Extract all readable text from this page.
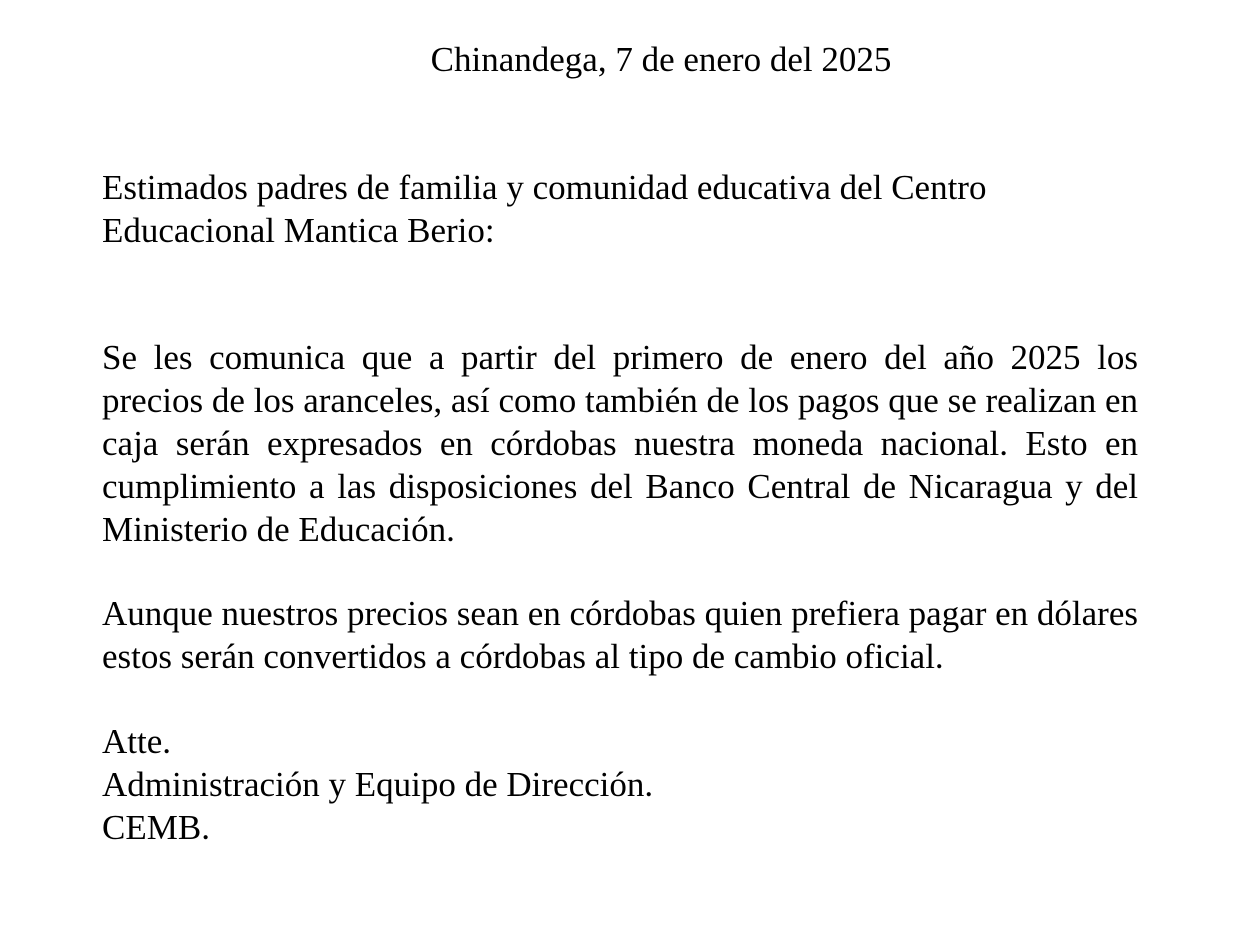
Chinandega, 7 de enero del 2025

Estimados padres de familia y comunidad educativa del Centro Educacional Mantica Berio:

Se les comunica que a partir del primero de enero del año 2025 los precios de los aranceles, así como también de los pagos que se realizan en caja serán expresados en córdobas nuestra moneda nacional. Esto en cumplimiento a las disposiciones del Banco Central de Nicaragua y del Ministerio de Educación.

Aunque nuestros precios sean en córdobas quien prefiera pagar en dólares estos serán convertidos a córdobas al tipo de cambio oficial.

Atte.
Administración y Equipo de Dirección.
CEMB.
